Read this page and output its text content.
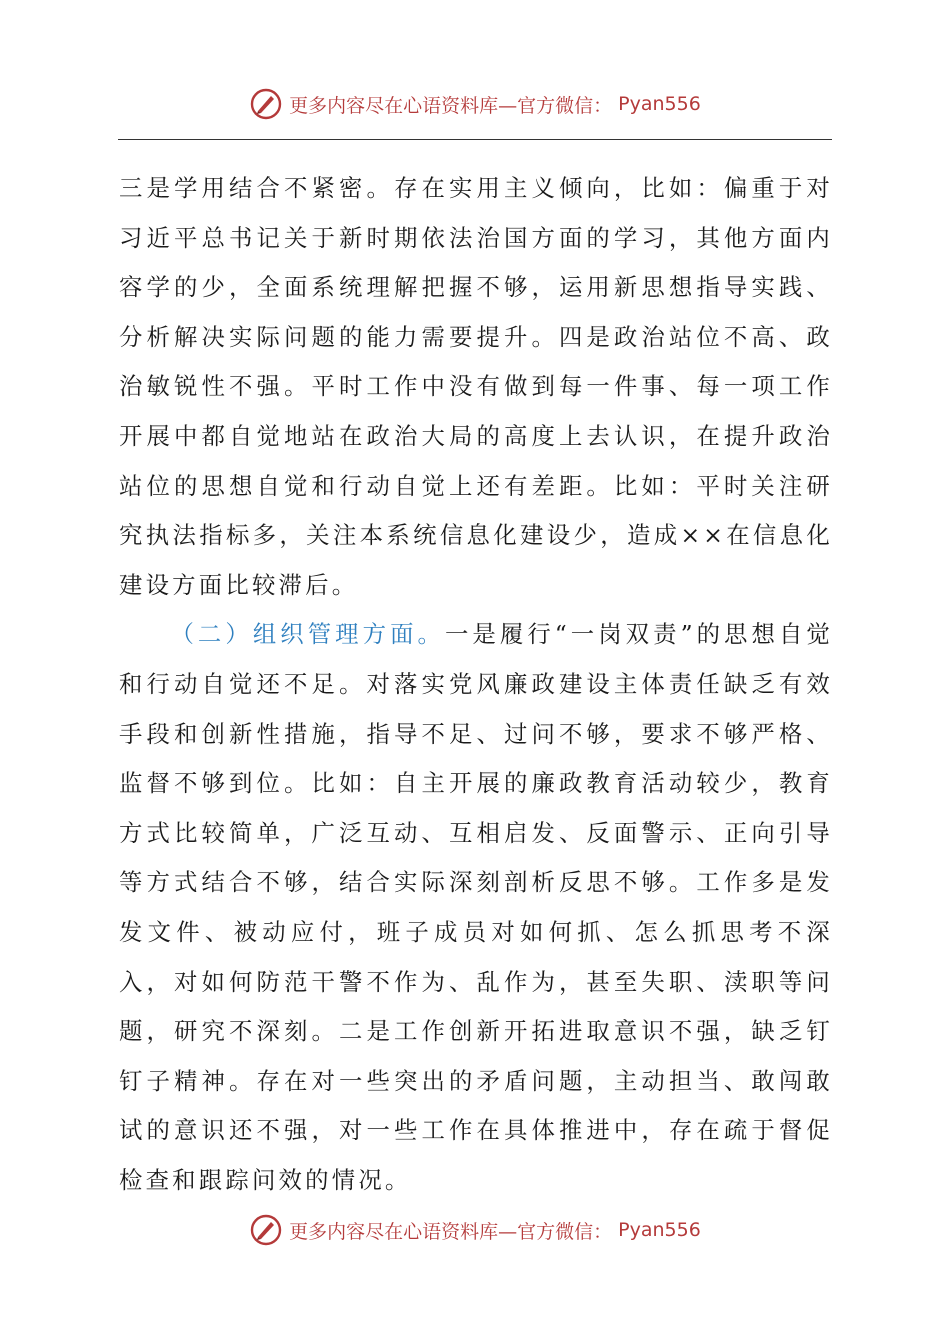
更多内容尽在心语资料库—官方微信： Pyan556

三是学用结合不紧密。存在实用主义倾向，比如：偏重于对习近平总书记关于新时期依法治国方面的学习，其他方面内容学的少，全面系统理解把握不够，运用新思想指导实践、分析解决实际问题的能力需要提升。四是政治站位不高、政治敏锐性不强。平时工作中没有做到每一件事、每一项工作开展中都自觉地站在政治大局的高度上去认识，在提升政治站位的思想自觉和行动自觉上还有差距。比如：平时关注研究执法指标多，关注本系统信息化建设少，造成××在信息化建设方面比较滞后。

（二）组织管理方面。一是履行“一岗双责”的思想自觉和行动自觉还不足。对落实党风廉政建设主体责任缺乏有效手段和创新性措施，指导不足、过问不够，要求不够严格、监督不够到位。比如：自主开展的廉政教育活动较少，教育方式比较简单，广泛互动、互相启发、反面警示、正向引导等方式结合不够，结合实际深刻剖析反思不够。工作多是发发文件、被动应付，班子成员对如何抓、怎么抓思考不深入，对如何防范干警不作为、乱作为，甚至失职、渎职等问题，研究不深刻。二是工作创新开拓进取意识不强，缺乏钉钉子精神。存在对一些突出的矛盾问题，主动担当、敢闯敢试的意识还不强，对一些工作在具体推进中，存在疏于督促检查和跟踪问效的情况。

更多内容尽在心语资料库—官方微信： Pyan556
